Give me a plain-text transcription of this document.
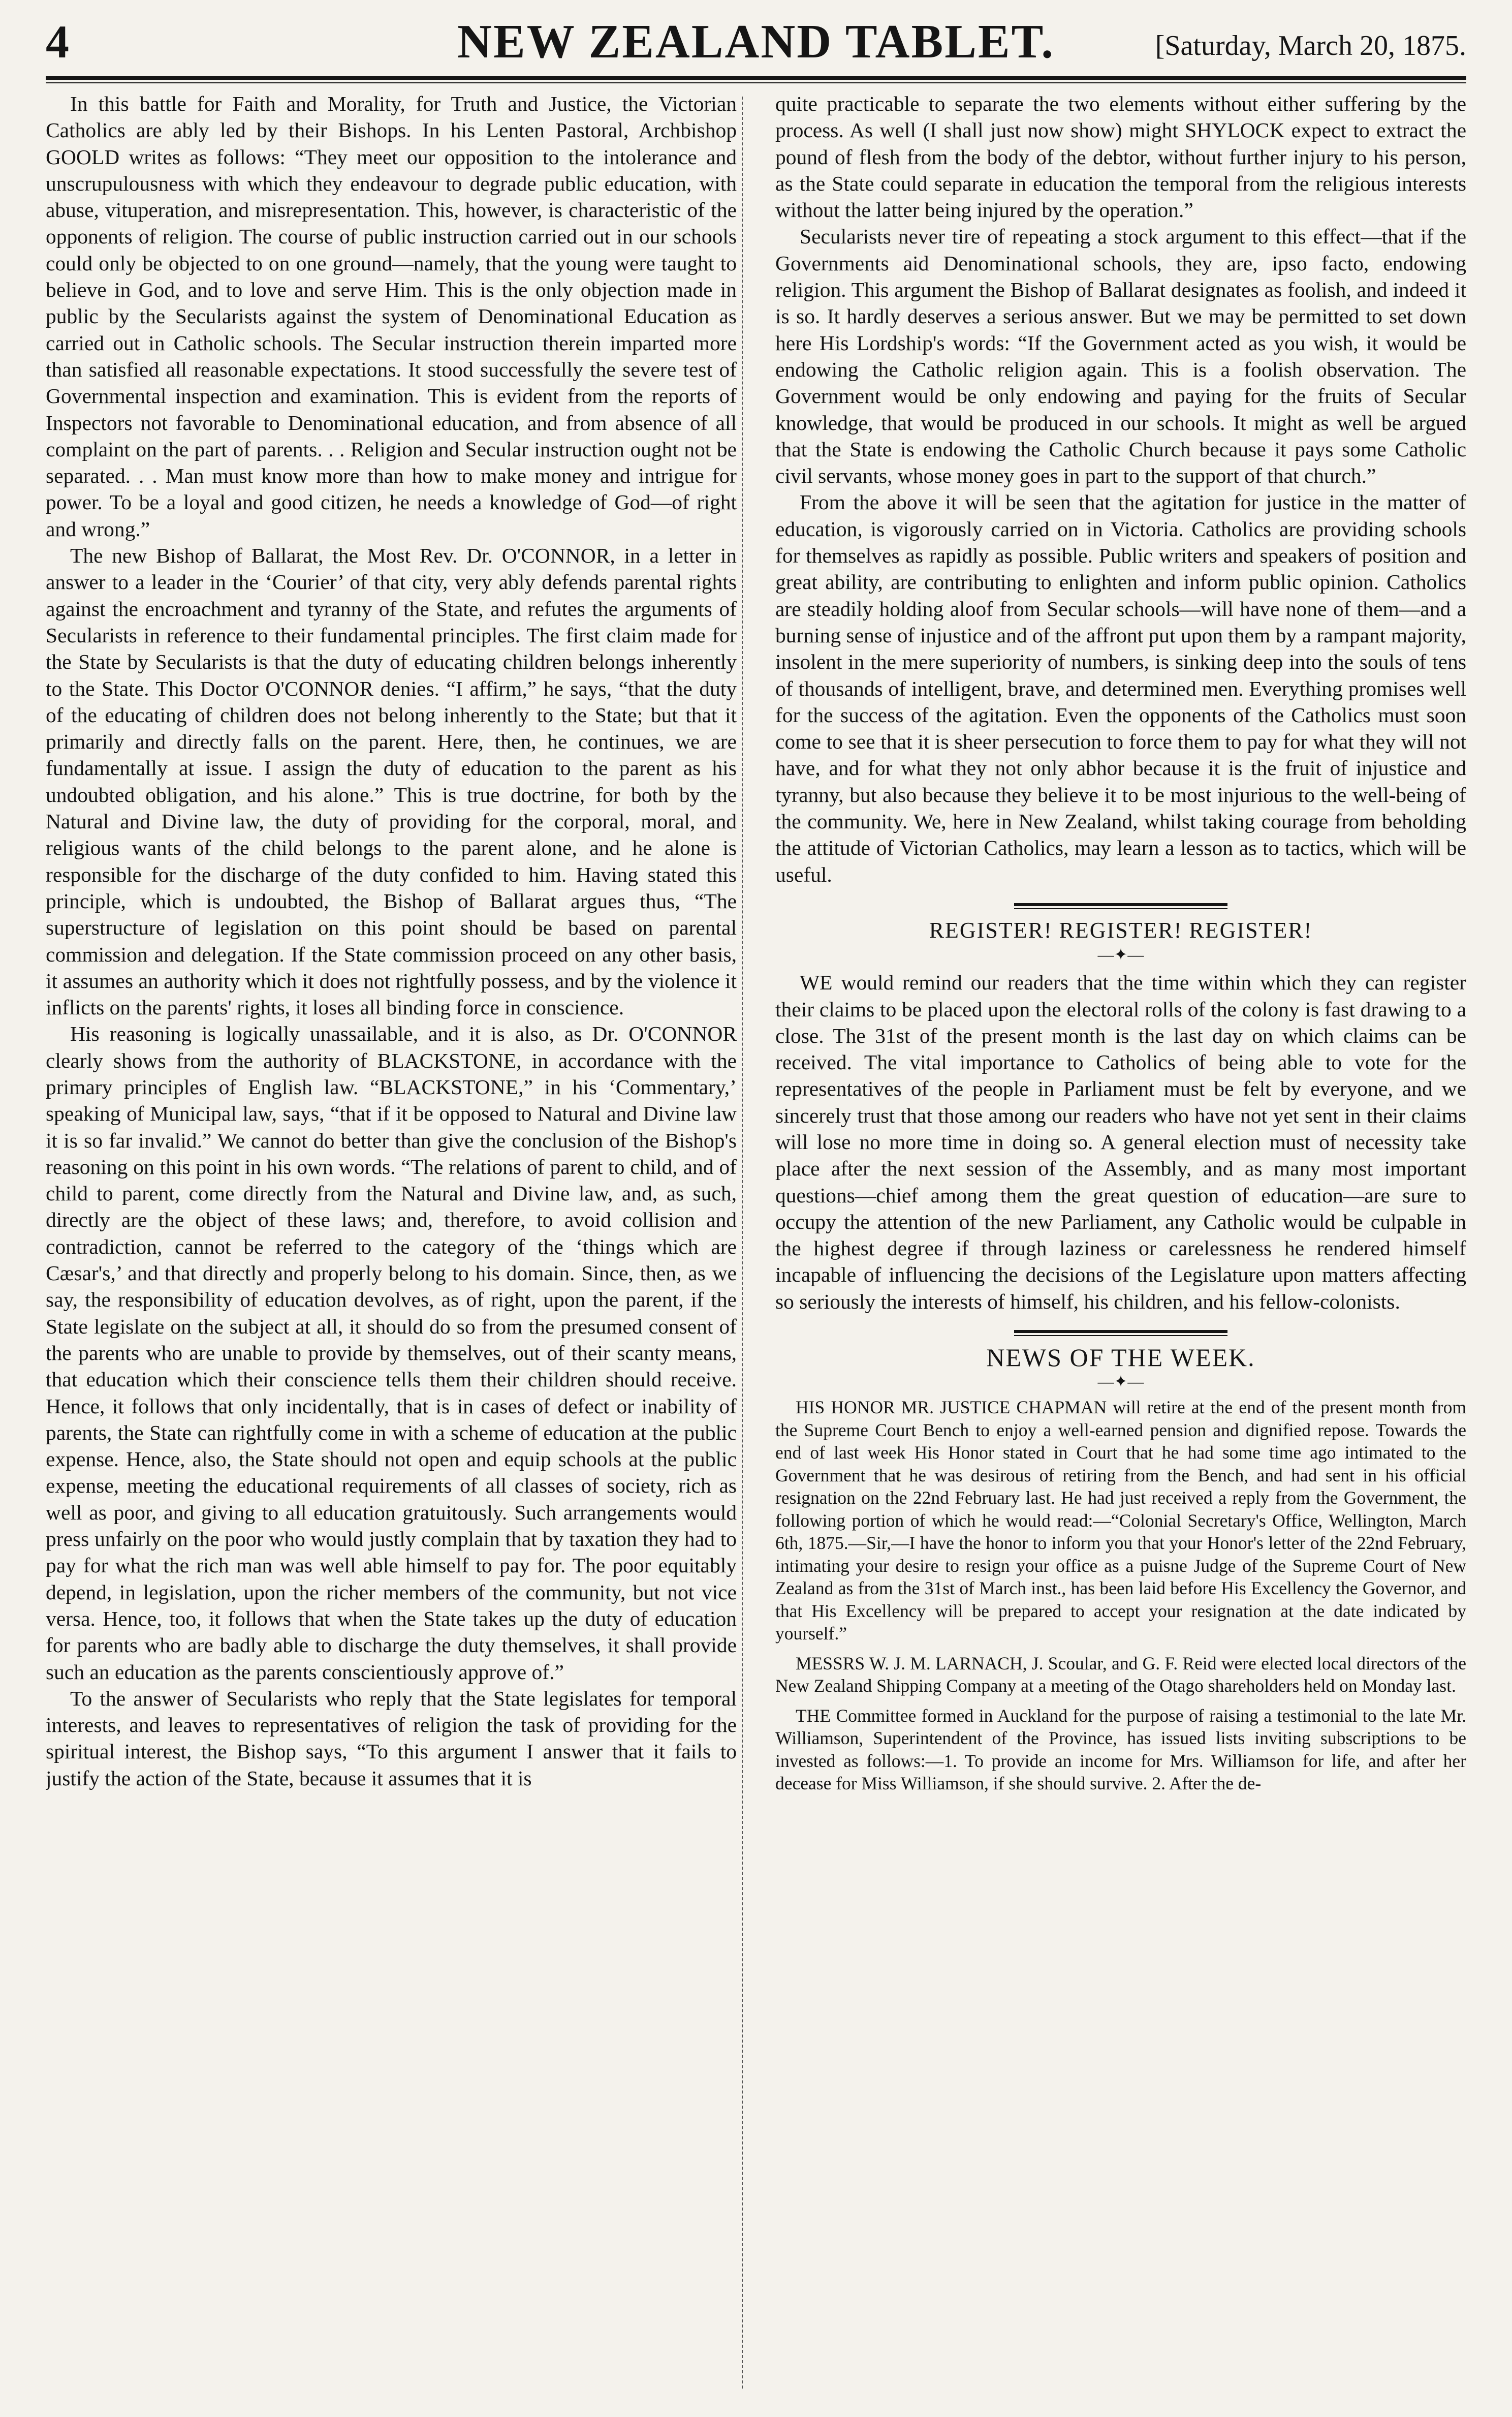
4	NEW ZEALAND TABLET.	[Saturday, March 20, 1875.

In this battle for Faith and Morality, for Truth and Justice, the Victorian Catholics are ably led by their Bishops. In his Lenten Pastoral, Archbishop GOOLD writes as follows: “They meet our opposition to the intolerance and unscrupulousness with which they endeavour to degrade public education, with abuse, vituperation, and misrepresentation. This, however, is characteristic of the opponents of religion. The course of public instruction carried out in our schools could only be objected to on one ground—namely, that the young were taught to believe in God, and to love and serve Him. This is the only objection made in public by the Secularists against the system of Denominational Education as carried out in Catholic schools. The Secular instruction therein imparted more than satisfied all reasonable expectations. It stood successfully the severe test of Governmental inspection and examination. This is evident from the reports of Inspectors not favorable to Denominational education, and from absence of all complaint on the part of parents. . . Religion and Secular instruction ought not be separated. . . Man must know more than how to make money and intrigue for power. To be a loyal and good citizen, he needs a knowledge of God—of right and wrong.”

The new Bishop of Ballarat, the Most Rev. Dr. O'CONNOR, in a letter in answer to a leader in the ‘Courier’ of that city, very ably defends parental rights against the encroachment and tyranny of the State, and refutes the arguments of Secularists in reference to their fundamental principles. The first claim made for the State by Secularists is that the duty of educating children belongs inherently to the State. This Doctor O'CONNOR denies. “I affirm,” he says, “that the duty of the educating of children does not belong inherently to the State; but that it primarily and directly falls on the parent. Here, then, he continues, we are fundamentally at issue. I assign the duty of education to the parent as his undoubted obligation, and his alone.” This is true doctrine, for both by the Natural and Divine law, the duty of providing for the corporal, moral, and religious wants of the child belongs to the parent alone, and he alone is responsible for the discharge of the duty confided to him. Having stated this principle, which is undoubted, the Bishop of Ballarat argues thus, “The superstructure of legislation on this point should be based on parental commission and delegation. If the State commission proceed on any other basis, it assumes an authority which it does not rightfully possess, and by the violence it inflicts on the parents' rights, it loses all binding force in conscience.

His reasoning is logically unassailable, and it is also, as Dr. O'CONNOR clearly shows from the authority of BLACKSTONE, in accordance with the primary principles of English law. “BLACKSTONE,” in his ‘Commentary,’ speaking of Municipal law, says, “that if it be opposed to Natural and Divine law it is so far invalid.” We cannot do better than give the conclusion of the Bishop's reasoning on this point in his own words. “The relations of parent to child, and of child to parent, come directly from the Natural and Divine law, and, as such, directly are the object of these laws; and, therefore, to avoid collision and contradiction, cannot be referred to the category of the ‘things which are Cæsar's,’ and that directly and properly belong to his domain. Since, then, as we say, the responsibility of education devolves, as of right, upon the parent, if the State legislate on the subject at all, it should do so from the presumed consent of the parents who are unable to provide by themselves, out of their scanty means, that education which their conscience tells them their children should receive. Hence, it follows that only incidentally, that is in cases of defect or inability of parents, the State can rightfully come in with a scheme of education at the public expense. Hence, also, the State should not open and equip schools at the public expense, meeting the educational requirements of all classes of society, rich as well as poor, and giving to all education gratuitously. Such arrangements would press unfairly on the poor who would justly complain that by taxation they had to pay for what the rich man was well able himself to pay for. The poor equitably depend, in legislation, upon the richer members of the community, but not vice versa. Hence, too, it follows that when the State takes up the duty of education for parents who are badly able to discharge the duty themselves, it shall provide such an education as the parents conscientiously approve of.”

To the answer of Secularists who reply that the State legislates for temporal interests, and leaves to representatives of religion the task of providing for the spiritual interest, the Bishop says, “To this argument I answer that it fails to justify the action of the State, because it assumes that it is

quite practicable to separate the two elements without either suffering by the process. As well (I shall just now show) might SHYLOCK expect to extract the pound of flesh from the body of the debtor, without further injury to his person, as the State could separate in education the temporal from the religious interests without the latter being injured by the operation.”

Secularists never tire of repeating a stock argument to this effect—that if the Governments aid Denominational schools, they are, ipso facto, endowing religion. This argument the Bishop of Ballarat designates as foolish, and indeed it is so. It hardly deserves a serious answer. But we may be permitted to set down here His Lordship's words: “If the Government acted as you wish, it would be endowing the Catholic religion again. This is a foolish observation. The Government would be only endowing and paying for the fruits of Secular knowledge, that would be produced in our schools. It might as well be argued that the State is endowing the Catholic Church because it pays some Catholic civil servants, whose money goes in part to the support of that church.”

From the above it will be seen that the agitation for justice in the matter of education, is vigorously carried on in Victoria. Catholics are providing schools for themselves as rapidly as possible. Public writers and speakers of position and great ability, are contributing to enlighten and inform public opinion. Catholics are steadily holding aloof from Secular schools—will have none of them—and a burning sense of injustice and of the affront put upon them by a rampant majority, insolent in the mere superiority of numbers, is sinking deep into the souls of tens of thousands of intelligent, brave, and determined men. Everything promises well for the success of the agitation. Even the opponents of the Catholics must soon come to see that it is sheer persecution to force them to pay for what they will not have, and for what they not only abhor because it is the fruit of injustice and tyranny, but also because they believe it to be most injurious to the well-being of the community. We, here in New Zealand, whilst taking courage from beholding the attitude of Victorian Catholics, may learn a lesson as to tactics, which will be useful.

REGISTER! REGISTER! REGISTER!
—✦—

WE would remind our readers that the time within which they can register their claims to be placed upon the electoral rolls of the colony is fast drawing to a close. The 31st of the present month is the last day on which claims can be received. The vital importance to Catholics of being able to vote for the representatives of the people in Parliament must be felt by everyone, and we sincerely trust that those among our readers who have not yet sent in their claims will lose no more time in doing so. A general election must of necessity take place after the next session of the Assembly, and as many most important questions—chief among them the great question of education—are sure to occupy the attention of the new Parliament, any Catholic would be culpable in the highest degree if through laziness or carelessness he rendered himself incapable of influencing the decisions of the Legislature upon matters affecting so seriously the interests of himself, his children, and his fellow-colonists.

NEWS OF THE WEEK.
—✦—

HIS HONOR MR. JUSTICE CHAPMAN will retire at the end of the present month from the Supreme Court Bench to enjoy a well-earned pension and dignified repose. Towards the end of last week His Honor stated in Court that he had some time ago intimated to the Government that he was desirous of retiring from the Bench, and had sent in his official resignation on the 22nd February last. He had just received a reply from the Government, the following portion of which he would read:—“Colonial Secretary's Office, Wellington, March 6th, 1875.—Sir,—I have the honor to inform you that your Honor's letter of the 22nd February, intimating your desire to resign your office as a puisne Judge of the Supreme Court of New Zealand as from the 31st of March inst., has been laid before His Excellency the Governor, and that His Excellency will be prepared to accept your resignation at the date indicated by yourself.”

MESSRS W. J. M. LARNACH, J. Scoular, and G. F. Reid were elected local directors of the New Zealand Shipping Company at a meeting of the Otago shareholders held on Monday last.

THE Committee formed in Auckland for the purpose of raising a testimonial to the late Mr. Williamson, Superintendent of the Province, has issued lists inviting subscriptions to be invested as follows:—1. To provide an income for Mrs. Williamson for life, and after her decease for Miss Williamson, if she should survive. 2. After the de-
